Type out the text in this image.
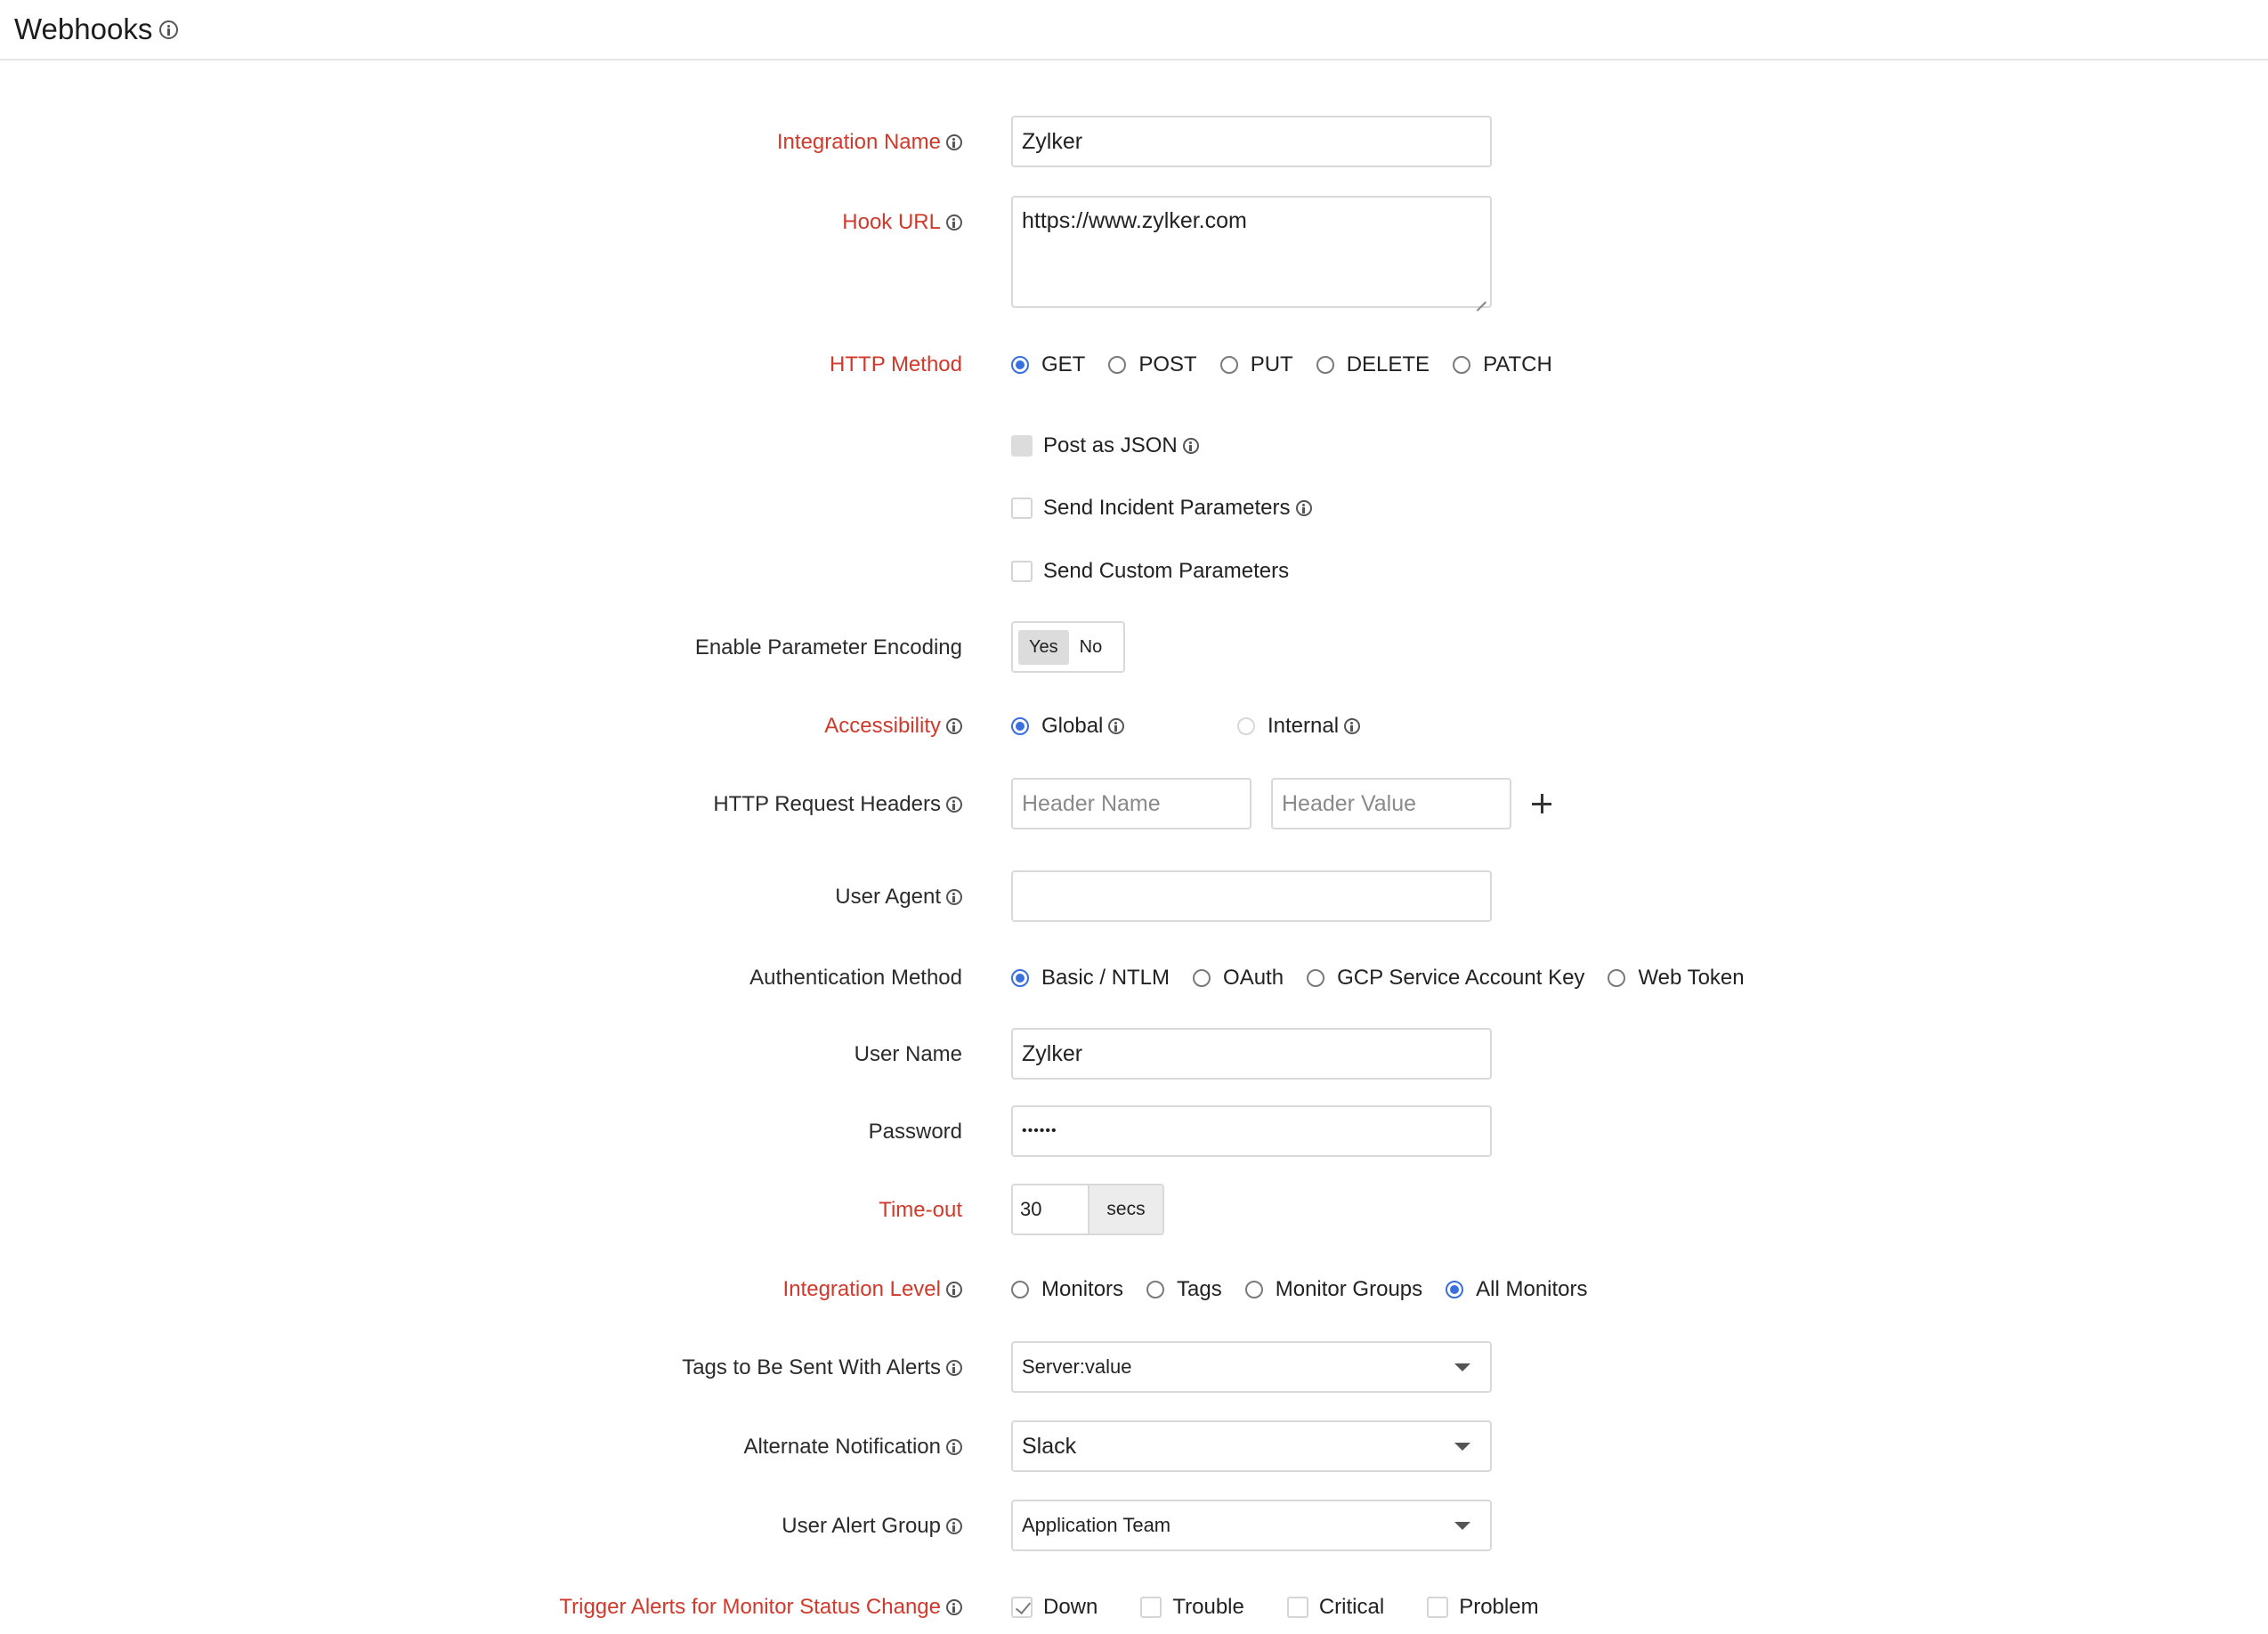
Webhooks
Integration Name	Zylker
Hook URL	https://www.zylker.com
HTTP Method	GET	POST	PUT	DELETE	PATCH
Post as JSON
Send Incident Parameters
Send Custom Parameters
Enable Parameter Encoding	Yes	No
Accessibility	Global	Internal
HTTP Request Headers	Header Name	Header Value
User Agent
Authentication Method	Basic / NTLM	OAuth	GCP Service Account Key	Web Token
User Name	Zylker
Password	••••••
Time-out	30	secs
Integration Level	Monitors	Tags	Monitor Groups	All Monitors
Tags to Be Sent With Alerts	Server:value
Alternate Notification	Slack
User Alert Group	Application Team
Trigger Alerts for Monitor Status Change	Down	Trouble	Critical	Problem
